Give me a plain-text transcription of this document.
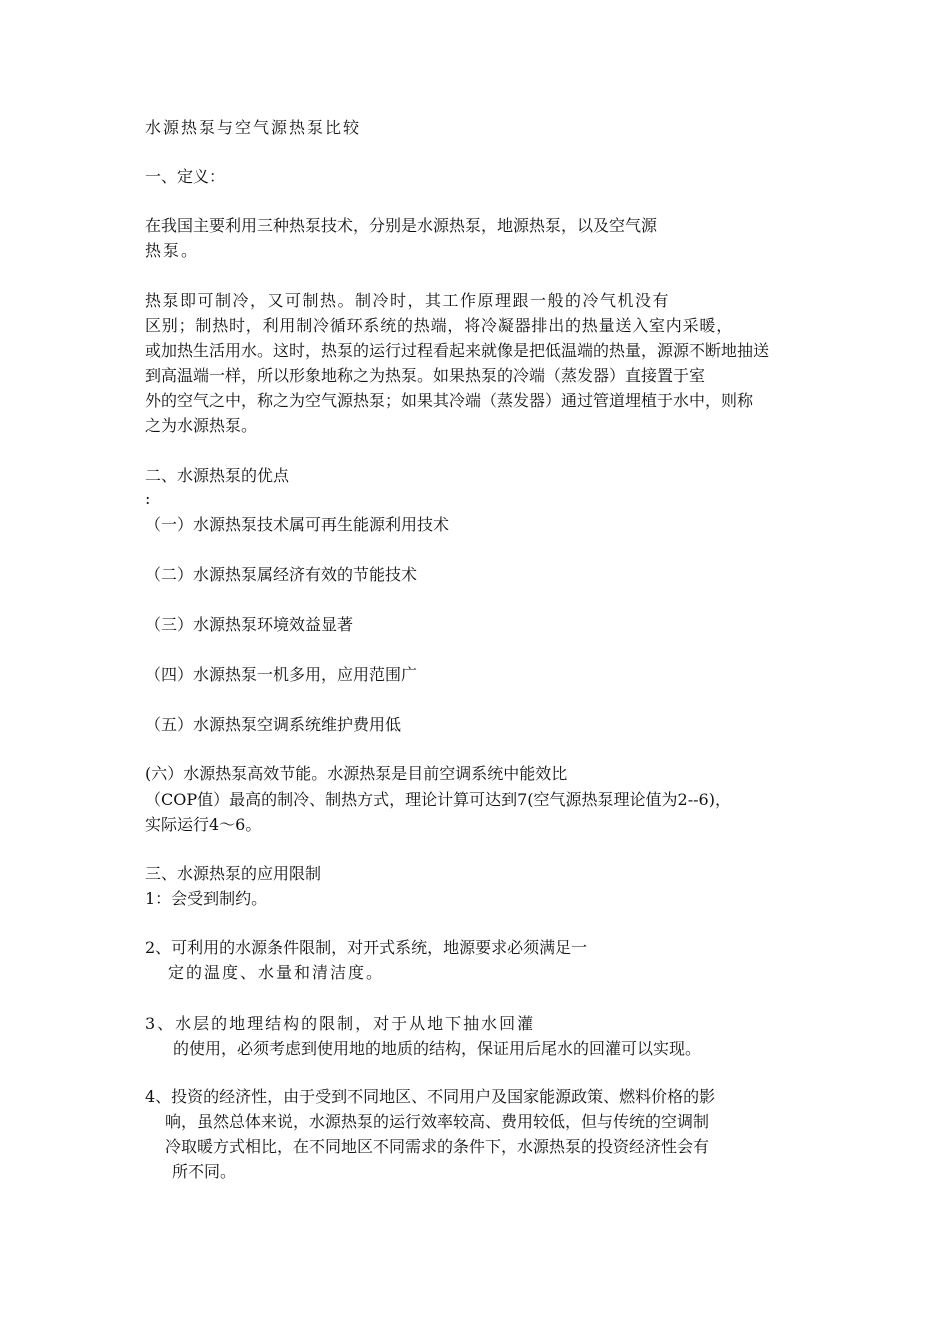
水源热泵与空气源热泵比较
一、定义：
在我国主要利用三种热泵技术，分别是水源热泵，地源热泵，以及空气源
热泵。
热泵即可制冷，又可制热。制冷时，其工作原理跟一般的冷气机没有
区别；制热时，利用制冷循环系统的热端，将冷凝器排出的热量送入室内采暖，
或加热生活用水。这时，热泵的运行过程看起来就像是把低温端的热量，源源不断地抽送
到高温端一样，所以形象地称之为热泵。如果热泵的冷端（蒸发器）直接置于室
外的空气之中，称之为空气源热泵；如果其冷端（蒸发器）通过管道埋植于水中，则称
之为水源热泵。
二、水源热泵的优点
:
（一）水源热泵技术属可再生能源利用技术
（二）水源热泵属经济有效的节能技术
（三）水源热泵环境效益显著
（四）水源热泵一机多用，应用范围广
（五）水源热泵空调系统维护费用低
(六）水源热泵高效节能。水源热泵是目前空调系统中能效比
（COP值）最高的制冷、制热方式，理论计算可达到7(空气源热泵理论值为2--6)，
实际运行4～6。
三、水源热泵的应用限制
1：会受到制约。
2、可利用的水源条件限制，对开式系统，地源要求必须满足一
定的温度、水量和清洁度。
3、水层的地理结构的限制，对于从地下抽水回灌
的使用，必须考虑到使用地的地质的结构，保证用后尾水的回灌可以实现。
4、投资的经济性，由于受到不同地区、不同用户及国家能源政策、燃料价格的影
响，虽然总体来说，水源热泵的运行效率较高、费用较低，但与传统的空调制
冷取暖方式相比，在不同地区不同需求的条件下，水源热泵的投资经济性会有
所不同。
